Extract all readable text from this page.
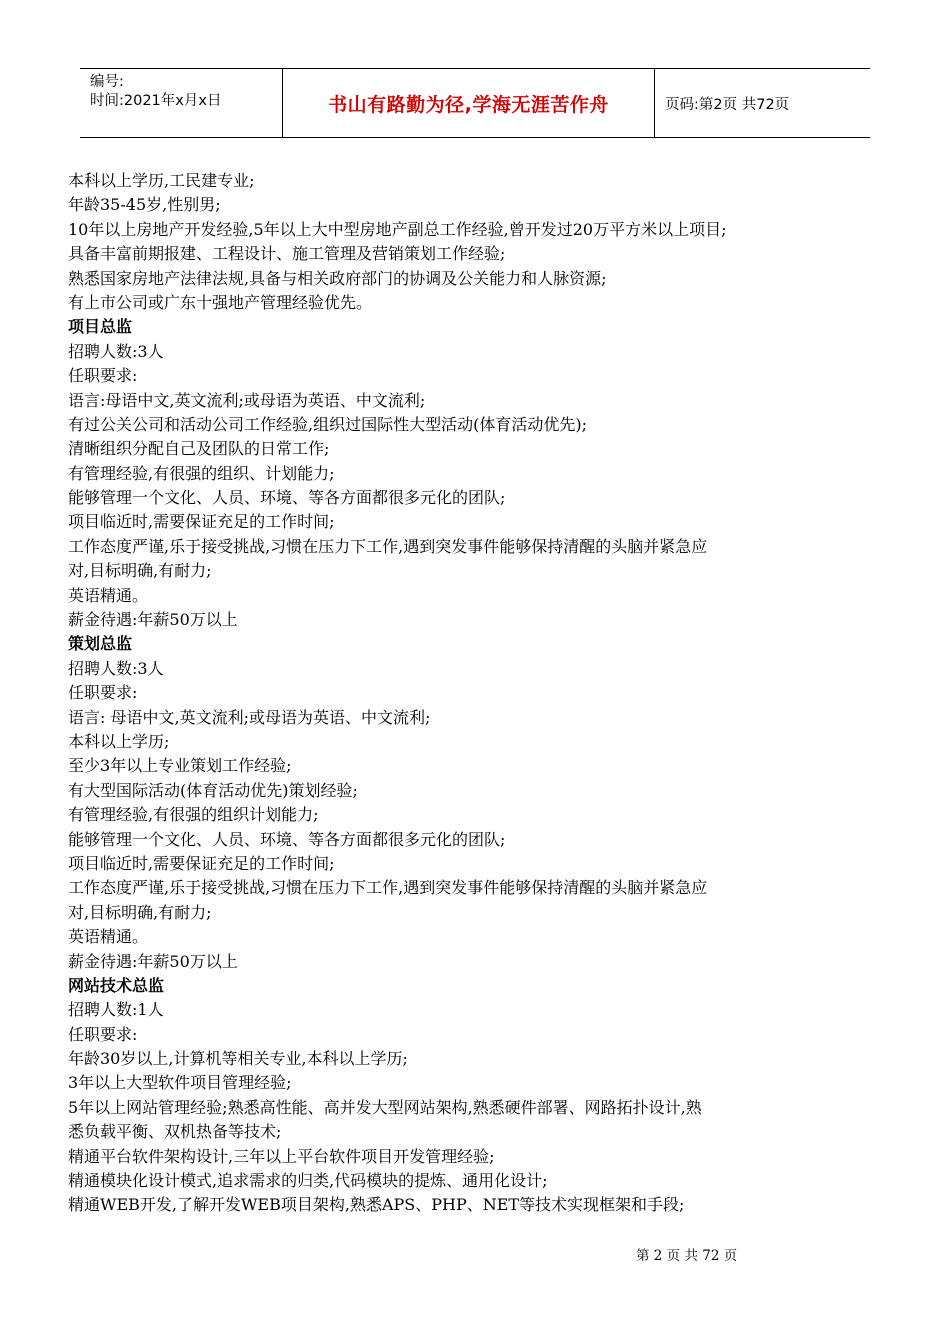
编号:
时间:2021年x月x日	书山有路勤为径,学海无涯苦作舟	页码:第2页 共72页
本科以上学历,工民建专业;
年龄35-45岁,性别男;
10年以上房地产开发经验,5年以上大中型房地产副总工作经验,曾开发过20万平方米以上项目;
具备丰富前期报建、工程设计、施工管理及营销策划工作经验;
熟悉国家房地产法律法规,具备与相关政府部门的协调及公关能力和人脉资源;
有上市公司或广东十强地产管理经验优先。
项目总监
招聘人数:3人
任职要求:
语言:母语中文,英文流利;或母语为英语、中文流利;
有过公关公司和活动公司工作经验,组织过国际性大型活动(体育活动优先);
清晰组织分配自己及团队的日常工作;
有管理经验,有很强的组织、计划能力;
能够管理一个文化、人员、环境、等各方面都很多元化的团队;
项目临近时,需要保证充足的工作时间;
工作态度严谨,乐于接受挑战,习惯在压力下工作,遇到突发事件能够保持清醒的头脑并紧急应
对,目标明确,有耐力;
英语精通。
薪金待遇:年薪50万以上
策划总监
招聘人数:3人
任职要求:
语言: 母语中文,英文流利;或母语为英语、中文流利;
本科以上学历;
至少3年以上专业策划工作经验;
有大型国际活动(体育活动优先)策划经验;
有管理经验,有很强的组织计划能力;
能够管理一个文化、人员、环境、等各方面都很多元化的团队;
项目临近时,需要保证充足的工作时间;
工作态度严谨,乐于接受挑战,习惯在压力下工作,遇到突发事件能够保持清醒的头脑并紧急应
对,目标明确,有耐力;
英语精通。
薪金待遇:年薪50万以上
网站技术总监
招聘人数:1人
任职要求:
年龄30岁以上,计算机等相关专业,本科以上学历;
3年以上大型软件项目管理经验;
5年以上网站管理经验;熟悉高性能、高并发大型网站架构,熟悉硬件部署、网路拓扑设计,熟
悉负载平衡、双机热备等技术;
精通平台软件架构设计,三年以上平台软件项目开发管理经验;
精通模块化设计模式,追求需求的归类,代码模块的提炼、通用化设计;
精通WEB开发,了解开发WEB项目架构,熟悉APS、PHP、NET等技术实现框架和手段;
第 2 页 共 72 页
